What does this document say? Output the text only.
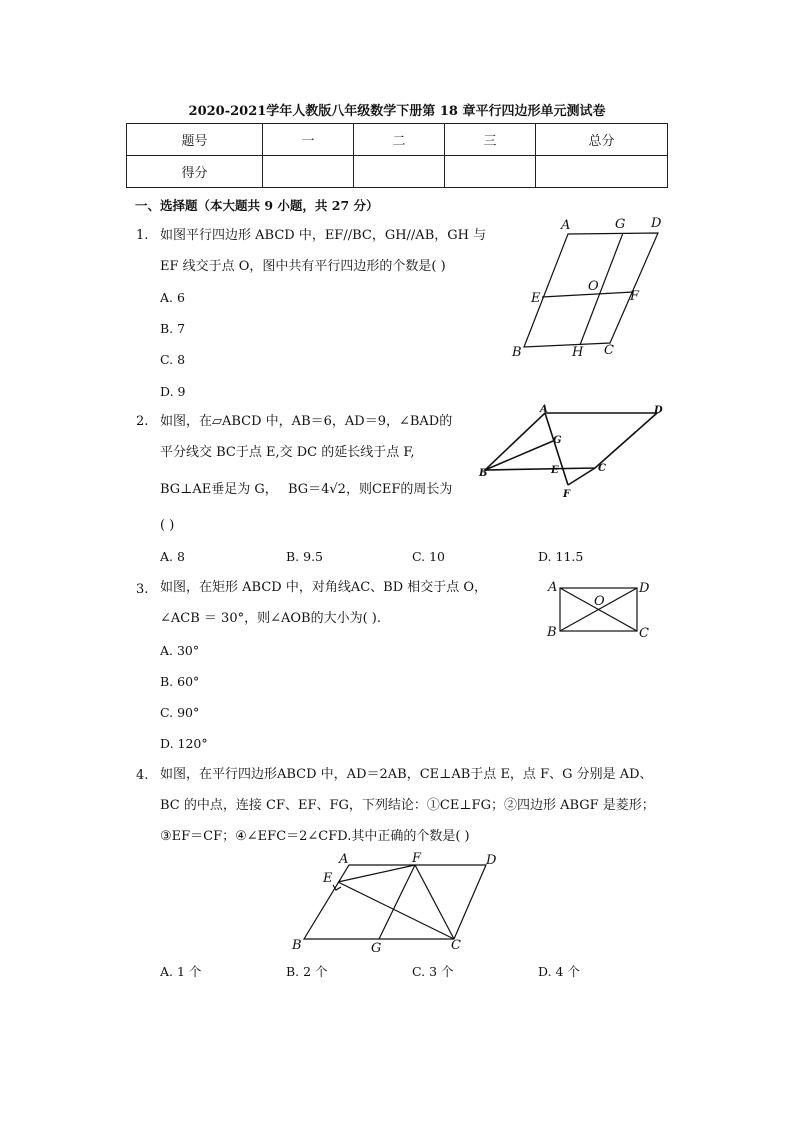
2020-2021学年人教版八年级数学下册第 18 章平行四边形单元测试卷
题号	一	二	三	总分
得分				
一、选择题（本大题共 9 小题，共 27 分）
1. 如图平行四边形 ABCD 中，EF//BC，GH//AB，GH 与
EF 线交于点 O，图中共有平行四边形的个数是( )
A. 6
B. 7
C. 8
D. 9
A	G D
O
E	F
B	H C
2. 如图，在▱ABCD 中，AB＝6，AD＝9，∠BAD的
平分线交 BC于点 E,交 DC 的延长线于点 F,
BG⊥AE垂足为 G， BG＝4√2，则CEF的周长为
( )
A. 8	B. 9.5	C. 10	D. 11.5
A	D
G
B	E	C
F
3. 如图，在矩形 ABCD 中，对角线AC、BD 相交于点 O，
∠ACB ＝ 30°，则∠AOB的大小为( ).
A. 30°
B. 60°
C. 90°
D. 120°
A	D
O
B	C
4. 如图，在平行四边形ABCD 中，AD＝2AB，CE⊥AB于点 E，点 F、G 分别是 AD、
BC 的中点，连接 CF、EF、FG，下列结论：①CE⊥FG；②四边形 ABGF 是菱形；
③EF＝CF；④∠EFC＝2∠CFD.其中正确的个数是( )
A	F	D
E
B	G	C
A. 1 个	B. 2 个	C. 3 个	D. 4 个
